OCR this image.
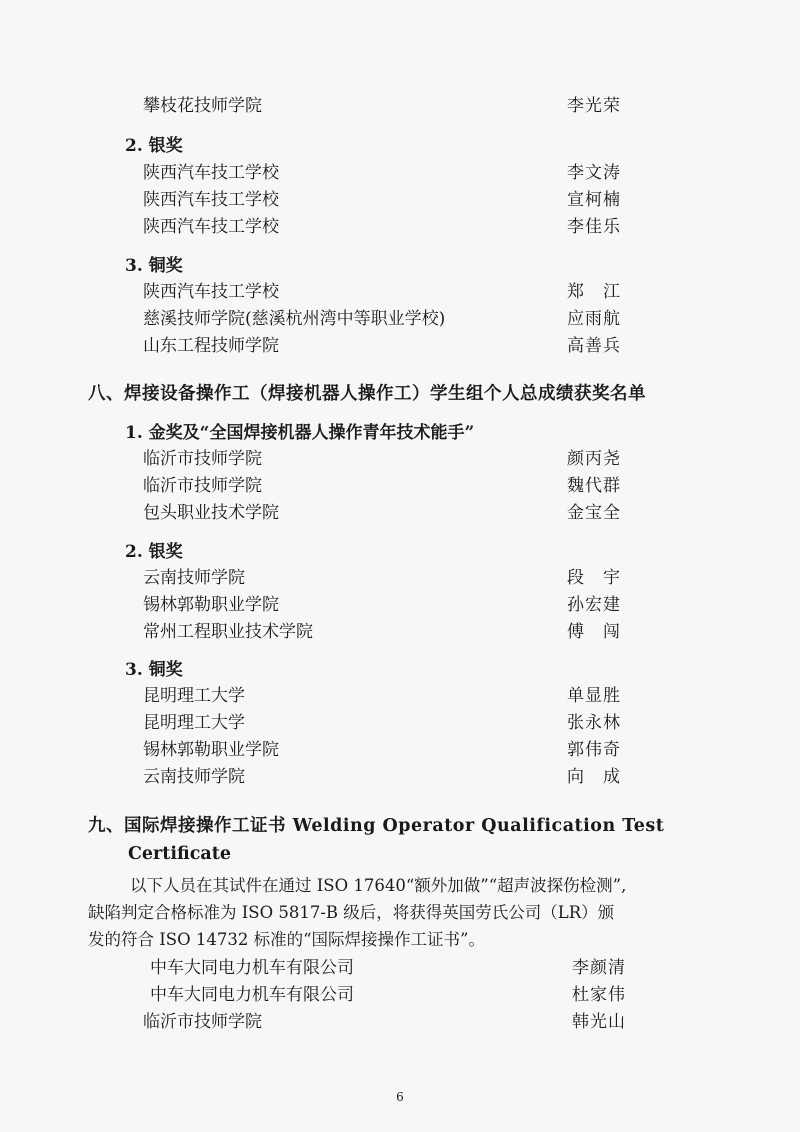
攀枝花技师学院	李光荣
2. 银奖
陕西汽车技工学校	李文涛
陕西汽车技工学校	宣柯楠
陕西汽车技工学校	李佳乐
3. 铜奖
陕西汽车技工学校	郑　江
慈溪技师学院(慈溪杭州湾中等职业学校)	应雨航
山东工程技师学院	高善兵
八、焊接设备操作工（焊接机器人操作工）学生组个人总成绩获奖名单
1. 金奖及“全国焊接机器人操作青年技术能手”
临沂市技师学院	颜丙尧
临沂市技师学院	魏代群
包头职业技术学院	金宝全
2. 银奖
云南技师学院	段　宇
锡林郭勒职业学院	孙宏建
常州工程职业技术学院	傅　闯
3. 铜奖
昆明理工大学	单显胜
昆明理工大学	张永林
锡林郭勒职业学院	郭伟奇
云南技师学院	向　成
九、国际焊接操作工证书 Welding Operator Qualification Test
Certificate
以下人员在其试件在通过 ISO 17640“额外加做”“超声波探伤检测”,
缺陷判定合格标准为 ISO 5817-B 级后，将获得英国劳氏公司（LR）颁
发的符合 ISO 14732 标准的“国际焊接操作工证书”。
中车大同电力机车有限公司	李颜清
中车大同电力机车有限公司	杜家伟
临沂市技师学院	韩光山
6
